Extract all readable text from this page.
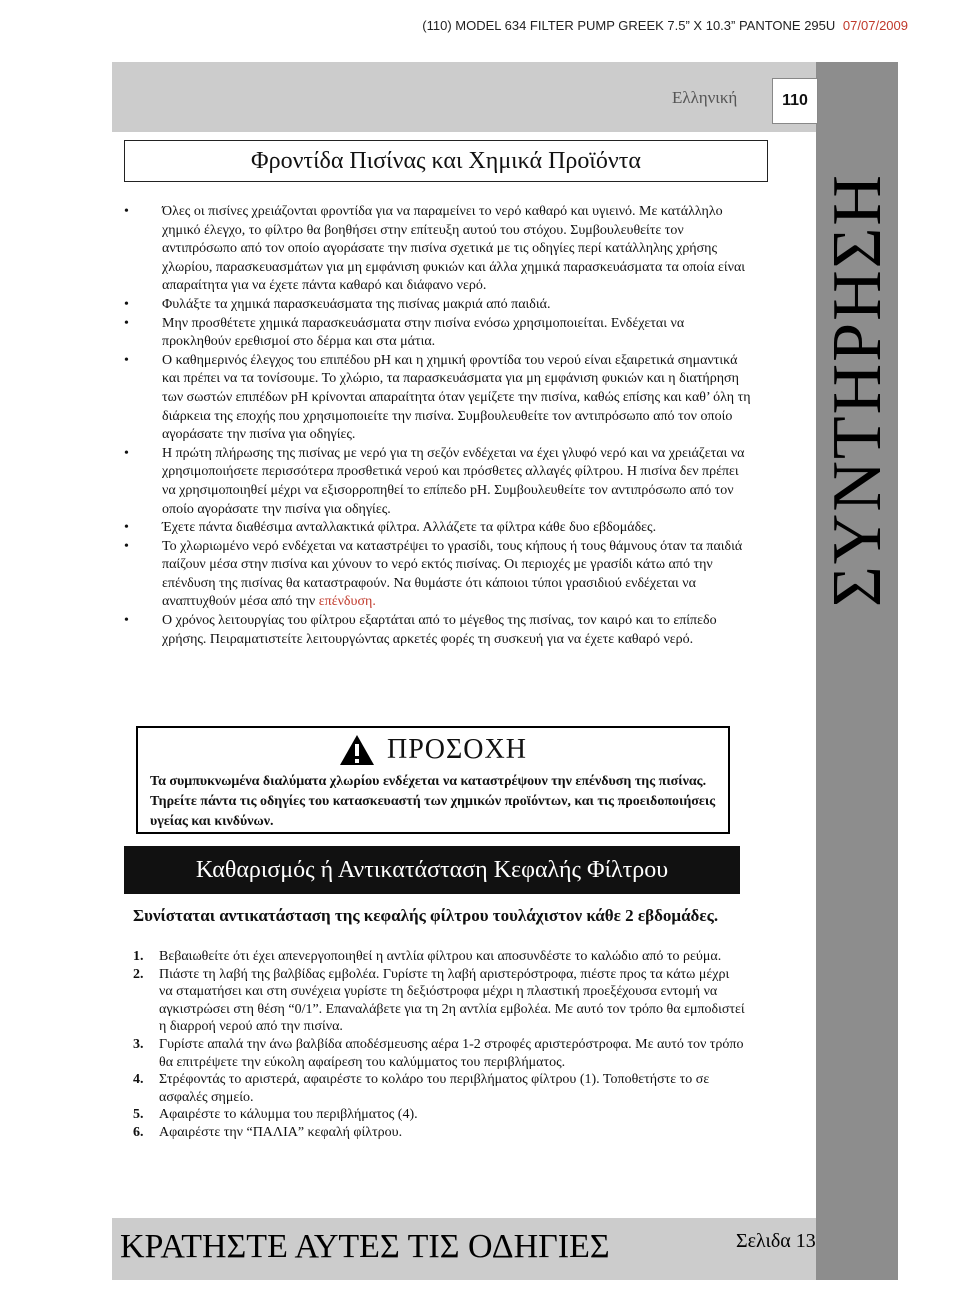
(110) MODEL 634 FILTER PUMP GREEK 7.5” X 10.3” PANTONE 295U 07/07/2009
Ελληνική	110
Φροντίδα Πισίνας και Χημικά Προϊόντα
ΣΥΝΤΗΡΗΣΗ
• Όλες οι πισίνες χρειάζονται φροντίδα για να παραμείνει το νερό καθαρό και υγιεινό. Με κατάλληλο χημικό έλεγχο, το φίλτρο θα βοηθήσει στην επίτευξη αυτού του στόχου. Συμβουλευθείτε τον αντιπρόσωπο από τον οποίο αγοράσατε την πισίνα σχετικά με τις οδηγίες περί κατάλληλης χρήσης χλωρίου, παρασκευασμάτων για μη εμφάνιση φυκιών και άλλα χημικά παρασκευάσματα τα οποία είναι απαραίτητα για να έχετε πάντα καθαρό και διάφανο νερό.
• Φυλάξτε τα χημικά παρασκευάσματα της πισίνας μακριά από παιδιά.
• Μην προσθέτετε χημικά παρασκευάσματα στην πισίνα ενόσω χρησιμοποιείται. Ενδέχεται να προκληθούν ερεθισμοί στο δέρμα και στα μάτια.
• Ο καθημερινός έλεγχος του επιπέδου pH και η χημική φροντίδα του νερού είναι εξαιρετικά σημαντικά και πρέπει να τα τονίσουμε. Το χλώριο, τα παρασκευάσματα για μη εμφάνιση φυκιών και η διατήρηση των σωστών επιπέδων pH κρίνονται απαραίτητα όταν γεμίζετε την πισίνα, καθώς επίσης και καθ’ όλη τη διάρκεια της εποχής που χρησιμοποιείτε την πισίνα. Συμβουλευθείτε τον αντιπρόσωπο από τον οποίο αγοράσατε την πισίνα για οδηγίες.
• Η πρώτη πλήρωσης της πισίνας με νερό για τη σεζόν ενδέχεται να έχει γλυφό νερό και να χρειάζεται να χρησιμοποιήσετε περισσότερα προσθετικά νερού και πρόσθετες αλλαγές φίλτρου. Η πισίνα δεν πρέπει να χρησιμοποιηθεί μέχρι να εξισορροπηθεί το επίπεδο pH. Συμβουλευθείτε τον αντιπρόσωπο από τον οποίο αγοράσατε την πισίνα για οδηγίες.
• Έχετε πάντα διαθέσιμα ανταλλακτικά φίλτρα. Αλλάζετε τα φίλτρα κάθε δυο εβδομάδες.
• Το χλωριωμένο νερό ενδέχεται να καταστρέψει το γρασίδι, τους κήπους ή τους θάμνους όταν τα παιδιά παίζουν μέσα στην πισίνα και χύνουν το νερό εκτός πισίνας. Οι περιοχές με γρασίδι κάτω από την επένδυση της πισίνας θα καταστραφούν. Να θυμάστε ότι κάποιοι τύποι γρασιδιού ενδέχεται να αναπτυχθούν μέσα από την επένδυση.
• Ο χρόνος λειτουργίας του φίλτρου εξαρτάται από το μέγεθος της πισίνας, τον καιρό και το επίπεδο χρήσης. Πειραματιστείτε λειτουργώντας αρκετές φορές τη συσκευή για να έχετε καθαρό νερό.
ΠΡΟΣΟΧΗ
Τα συμπυκνωμένα διαλύματα χλωρίου ενδέχεται να καταστρέψουν την επένδυση της πισίνας. Τηρείτε πάντα τις οδηγίες του κατασκευαστή των χημικών προϊόντων, και τις προειδοποιήσεις υγείας και κινδύνων.
Καθαρισμός ή Αντικατάσταση Κεφαλής Φίλτρου
Συνίσταται αντικατάσταση της κεφαλής φίλτρου τουλάχιστον κάθε 2 εβδομάδες.
1. Βεβαιωθείτε ότι έχει απενεργοποιηθεί η αντλία φίλτρου και αποσυνδέστε το καλώδιο από το ρεύμα.
2. Πιάστε τη λαβή της βαλβίδας εμβολέα. Γυρίστε τη λαβή αριστερόστροφα, πιέστε προς τα κάτω μέχρι να σταματήσει και στη συνέχεια γυρίστε τη δεξιόστροφα μέχρι η πλαστική προεξέχουσα εντομή να αγκιστρώσει στη θέση “0/1”. Επαναλάβετε για τη 2η αντλία εμβολέα. Με αυτό τον τρόπο θα εμποδιστεί η διαρροή νερού από την πισίνα.
3. Γυρίστε απαλά την άνω βαλβίδα αποδέσμευσης αέρα 1-2 στροφές αριστερόστροφα. Με αυτό τον τρόπο θα επιτρέψετε την εύκολη αφαίρεση του καλύμματος του περιβλήματος.
4. Στρέφοντάς το αριστερά, αφαιρέστε το κολάρο του περιβλήματος φίλτρου (1). Τοποθετήστε το σε ασφαλές σημείο.
5. Αφαιρέστε το κάλυμμα του περιβλήματος (4).
6. Αφαιρέστε την “ΠΑΛΙΑ” κεφαλή φίλτρου.
ΚΡΑΤΗΣΤΕ ΑΥΤΕΣ ΤΙΣ ΟΔΗΓΙΕΣ	Σελιδα 13
